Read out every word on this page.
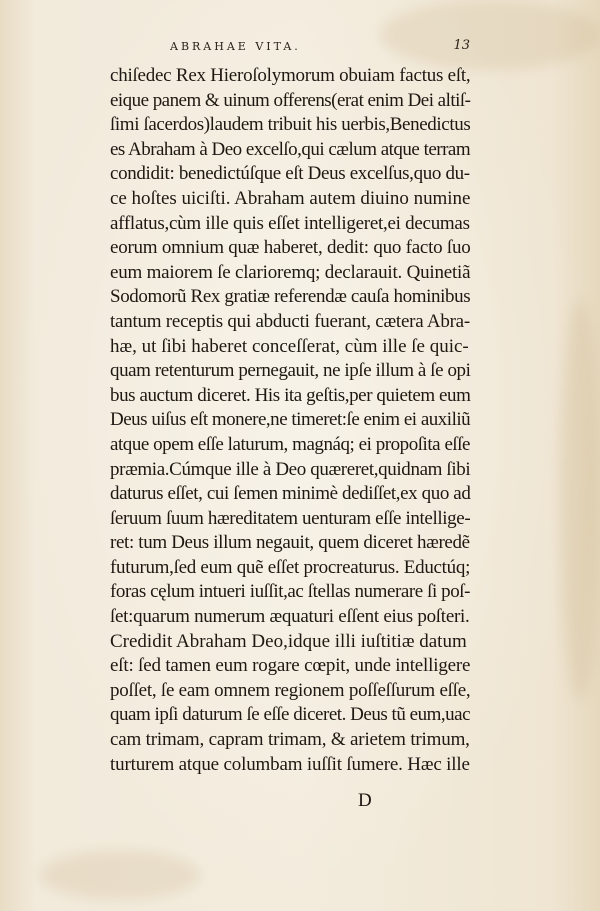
ABRAHAE VITA.	13
chiſedec Rex Hieroſolymorum obuiam factus eſt,
eique panem & uinum offerens(erat enim Dei altiſ-
ſimi ſacerdos)laudem tribuit his uerbis,Benedictus
es Abraham à Deo excelſo,qui cælum atque terram
condidit: benedictúſque eſt Deus excelſus,quo du-
ce hoſtes uiciſti. Abraham autem diuino numine
afflatus,cùm ille quis eſſet intelligeret,ei decumas
eorum omnium quæ haberet, dedit: quo facto ſuo
eum maiorem ſe clarioremq; declarauit. Quinetiã
Sodomorũ Rex gratiæ referendæ cauſa hominibus
tantum receptis qui abducti fuerant, cætera Abra-
hæ, ut ſibi haberet conceſſerat, cùm ille ſe quic-
quam retenturum pernegauit, ne ipſe illum à ſe opi
bus auctum diceret. His ita geſtis,per quietem eum
Deus uiſus eſt monere,ne timeret:ſe enim ei auxiliũ
atque opem eſſe laturum, magnáq; ei propoſita eſſe
præmia.Cúmque ille à Deo quæreret,quidnam ſibi
daturus eſſet, cui ſemen minimè dediſſet,ex quo ad
ſeruum ſuum hæreditatem uenturam eſſe intellige-
ret: tum Deus illum negauit, quem diceret hæredẽ
futurum,ſed eum quẽ eſſet procreaturus. Eductúq;
foras cęlum intueri iuſſit,ac ſtellas numerare ſi poſ-
ſet:quarum numerum æquaturi eſſent eius poſteri.
Credidit Abraham Deo,idque illi iuſtitiæ datum
eſt: ſed tamen eum rogare cœpit, unde intelligere
poſſet, ſe eam omnem regionem poſſeſſurum eſſe,
quam ipſi daturum ſe eſſe diceret. Deus tũ eum,uac
cam trimam, capram trimam, & arietem trimum,
turturem atque columbam iuſſit ſumere. Hæc ille
D
